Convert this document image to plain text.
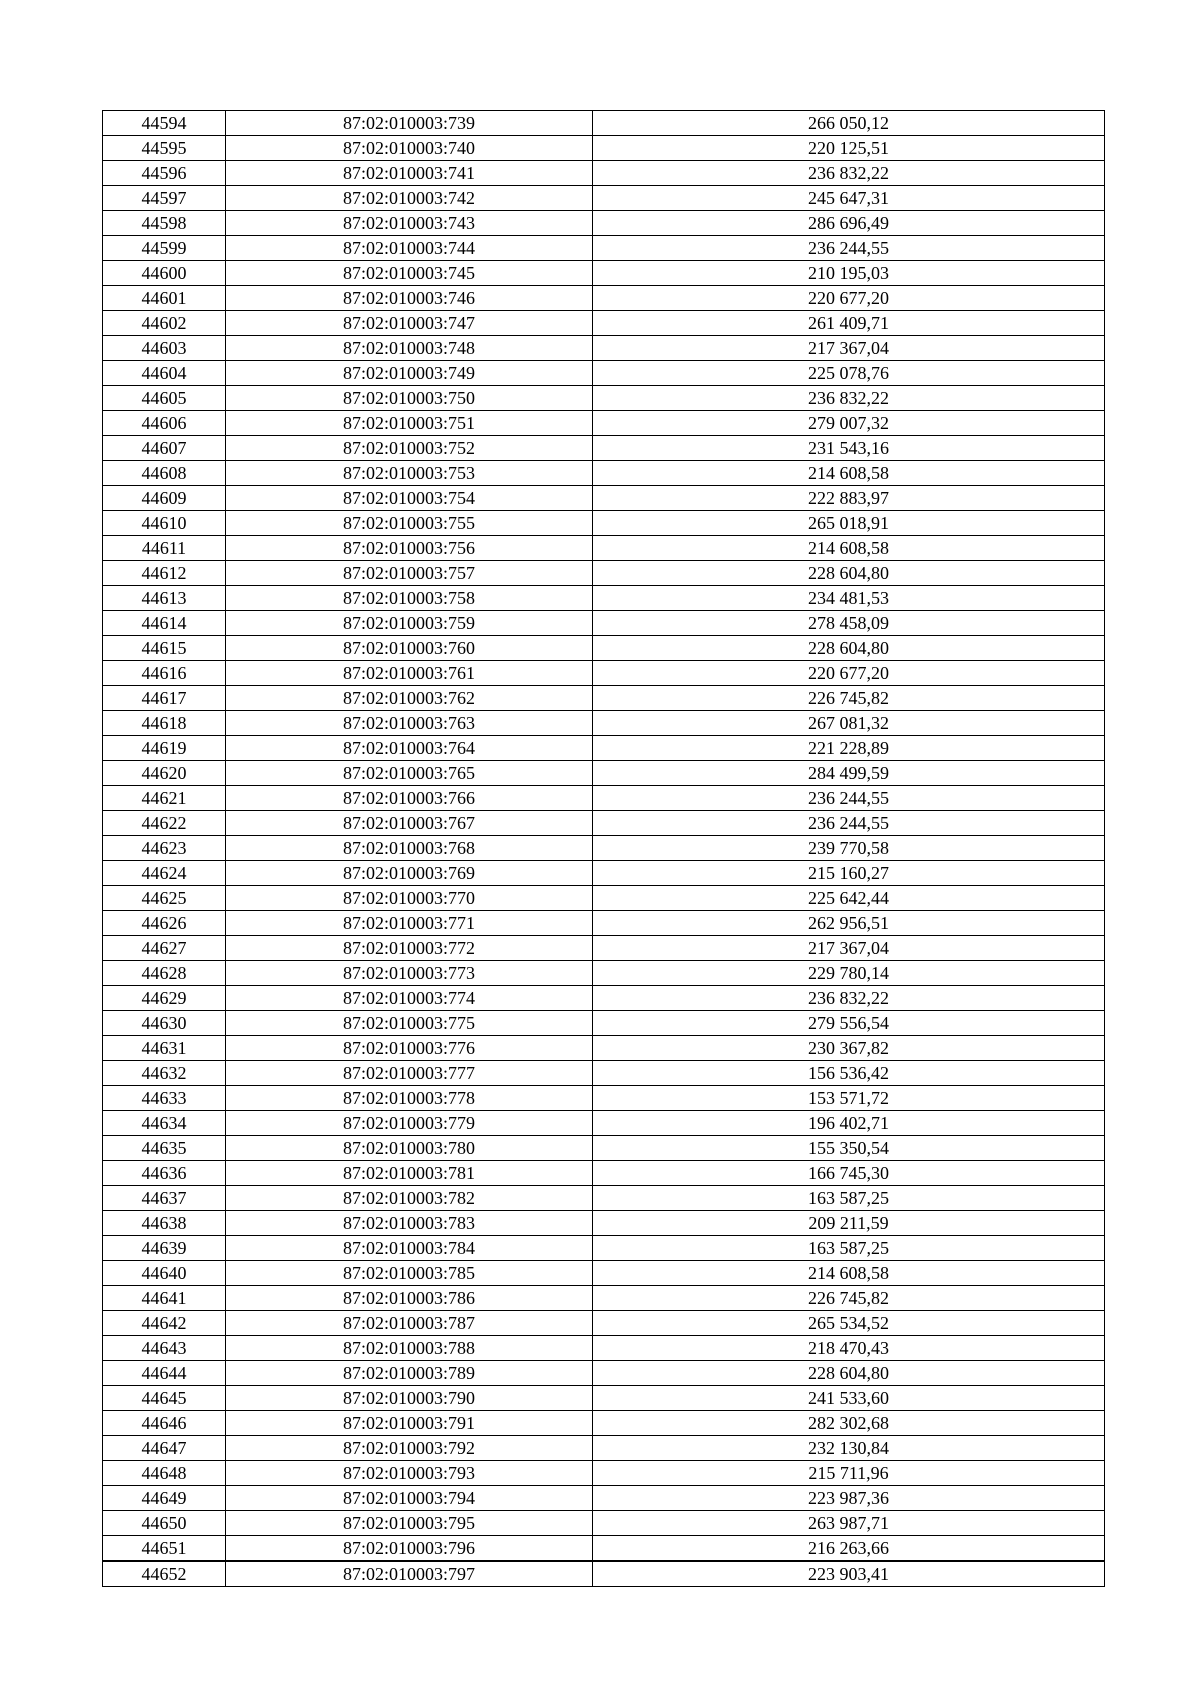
44594	87:02:010003:739	266 050,12
44595	87:02:010003:740	220 125,51
44596	87:02:010003:741	236 832,22
44597	87:02:010003:742	245 647,31
44598	87:02:010003:743	286 696,49
44599	87:02:010003:744	236 244,55
44600	87:02:010003:745	210 195,03
44601	87:02:010003:746	220 677,20
44602	87:02:010003:747	261 409,71
44603	87:02:010003:748	217 367,04
44604	87:02:010003:749	225 078,76
44605	87:02:010003:750	236 832,22
44606	87:02:010003:751	279 007,32
44607	87:02:010003:752	231 543,16
44608	87:02:010003:753	214 608,58
44609	87:02:010003:754	222 883,97
44610	87:02:010003:755	265 018,91
44611	87:02:010003:756	214 608,58
44612	87:02:010003:757	228 604,80
44613	87:02:010003:758	234 481,53
44614	87:02:010003:759	278 458,09
44615	87:02:010003:760	228 604,80
44616	87:02:010003:761	220 677,20
44617	87:02:010003:762	226 745,82
44618	87:02:010003:763	267 081,32
44619	87:02:010003:764	221 228,89
44620	87:02:010003:765	284 499,59
44621	87:02:010003:766	236 244,55
44622	87:02:010003:767	236 244,55
44623	87:02:010003:768	239 770,58
44624	87:02:010003:769	215 160,27
44625	87:02:010003:770	225 642,44
44626	87:02:010003:771	262 956,51
44627	87:02:010003:772	217 367,04
44628	87:02:010003:773	229 780,14
44629	87:02:010003:774	236 832,22
44630	87:02:010003:775	279 556,54
44631	87:02:010003:776	230 367,82
44632	87:02:010003:777	156 536,42
44633	87:02:010003:778	153 571,72
44634	87:02:010003:779	196 402,71
44635	87:02:010003:780	155 350,54
44636	87:02:010003:781	166 745,30
44637	87:02:010003:782	163 587,25
44638	87:02:010003:783	209 211,59
44639	87:02:010003:784	163 587,25
44640	87:02:010003:785	214 608,58
44641	87:02:010003:786	226 745,82
44642	87:02:010003:787	265 534,52
44643	87:02:010003:788	218 470,43
44644	87:02:010003:789	228 604,80
44645	87:02:010003:790	241 533,60
44646	87:02:010003:791	282 302,68
44647	87:02:010003:792	232 130,84
44648	87:02:010003:793	215 711,96
44649	87:02:010003:794	223 987,36
44650	87:02:010003:795	263 987,71
44651	87:02:010003:796	216 263,66
44652	87:02:010003:797	223 903,41
